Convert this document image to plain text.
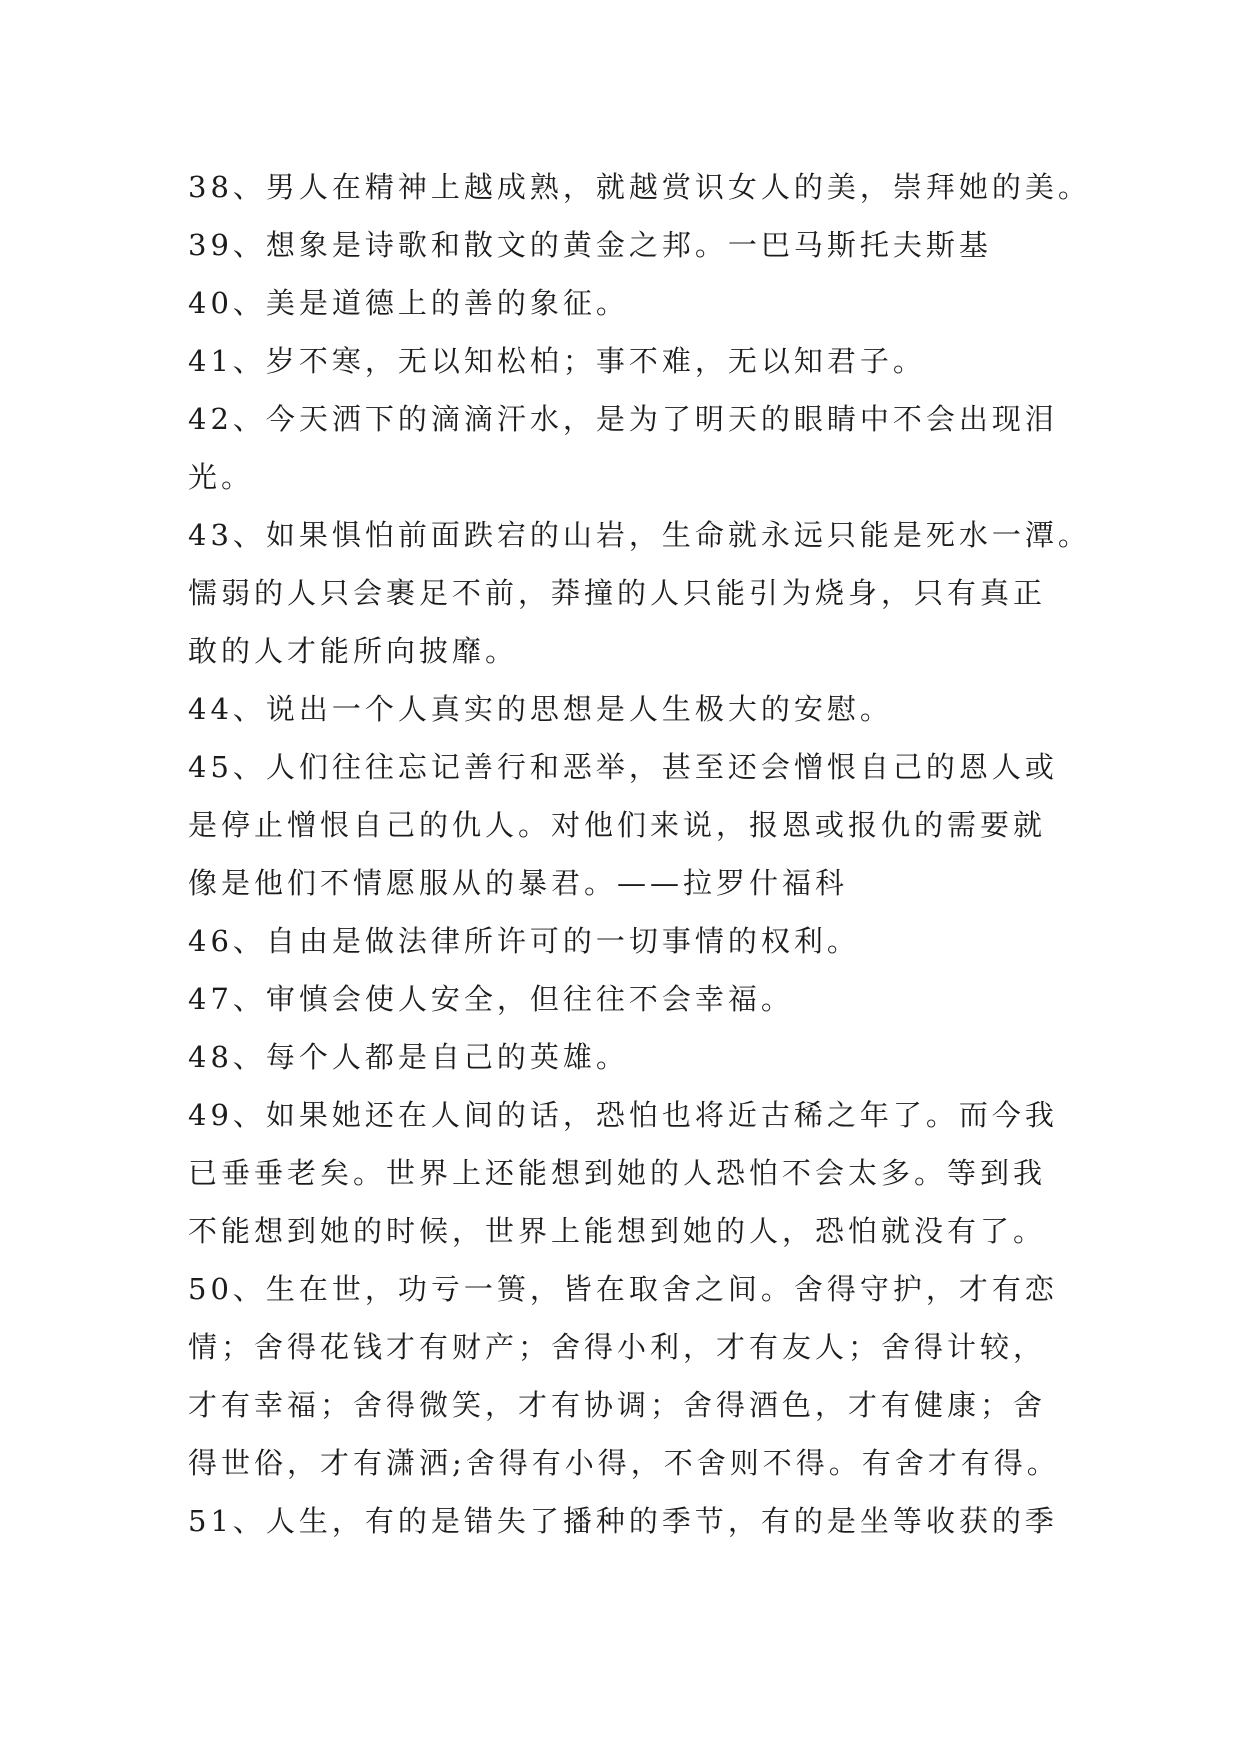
38、男人在精神上越成熟，就越赏识女人的美，崇拜她的美。
39、想象是诗歌和散文的黄金之邦。一巴马斯托夫斯基
40、美是道德上的善的象征。
41、岁不寒，无以知松柏；事不难，无以知君子。
42、今天洒下的滴滴汗水，是为了明天的眼睛中不会出现泪
光。
43、如果惧怕前面跌宕的山岩，生命就永远只能是死水一潭。
懦弱的人只会裹足不前，莽撞的人只能引为烧身，只有真正
敢的人才能所向披靡。
44、说出一个人真实的思想是人生极大的安慰。
45、人们往往忘记善行和恶举，甚至还会憎恨自己的恩人或
是停止憎恨自己的仇人。对他们来说，报恩或报仇的需要就
像是他们不情愿服从的暴君。——拉罗什福科
46、自由是做法律所许可的一切事情的权利。
47、审慎会使人安全，但往往不会幸福。
48、每个人都是自己的英雄。
49、如果她还在人间的话，恐怕也将近古稀之年了。而今我
已垂垂老矣。世界上还能想到她的人恐怕不会太多。等到我
不能想到她的时候，世界上能想到她的人，恐怕就没有了。
50、生在世，功亏一篑，皆在取舍之间。舍得守护，才有恋
情；舍得花钱才有财产；舍得小利，才有友人；舍得计较，
才有幸福；舍得微笑，才有协调；舍得酒色，才有健康；舍
得世俗，才有潇洒;舍得有小得，不舍则不得。有舍才有得。
51、人生，有的是错失了播种的季节，有的是坐等收获的季
